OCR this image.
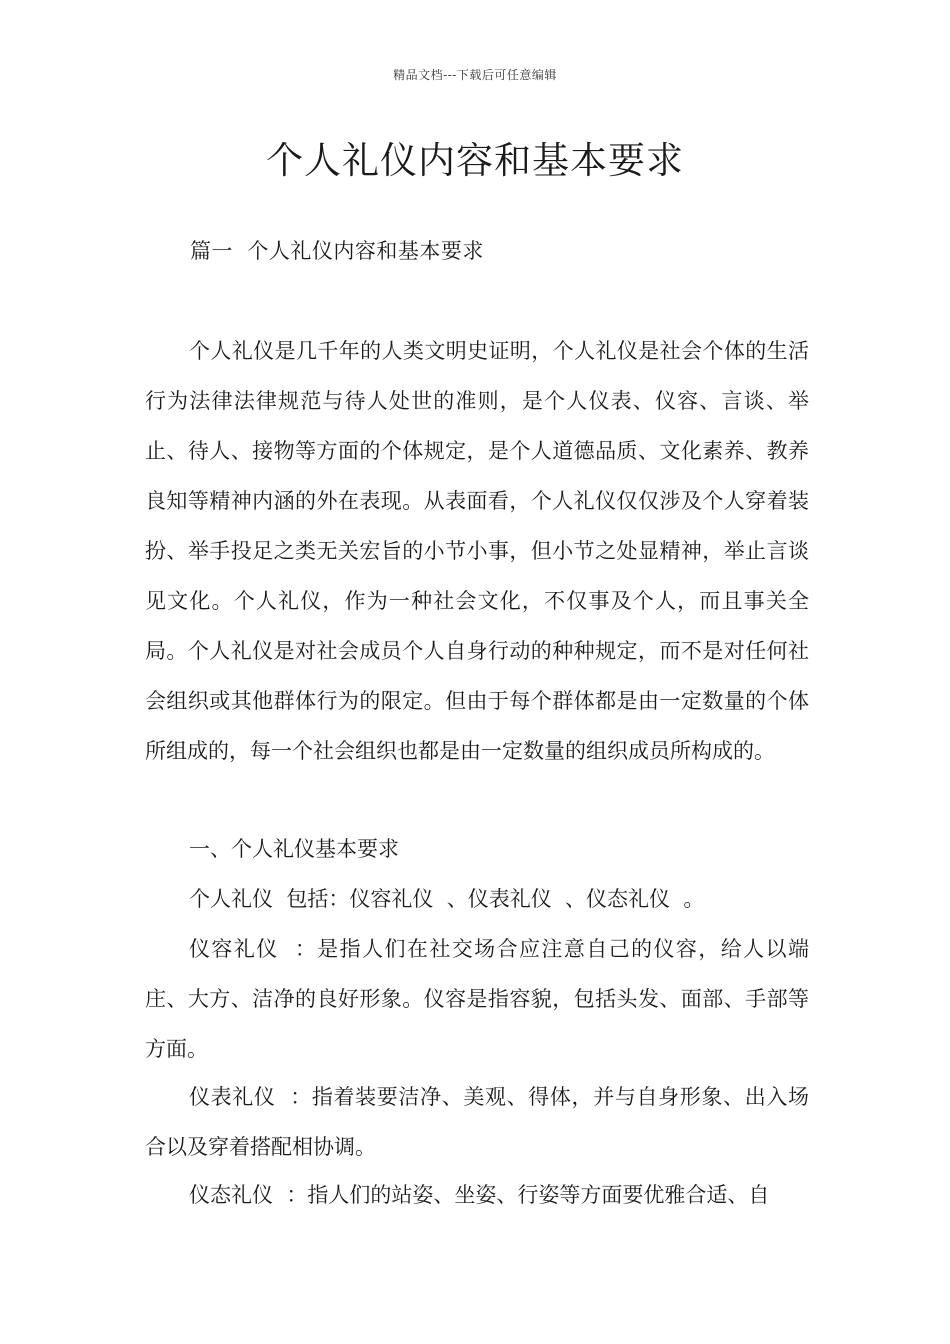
精品文档---下载后可任意编辑
个人礼仪内容和基本要求
篇一  个人礼仪内容和基本要求

个人礼仪是几千年的人类文明史证明，个人礼仪是社会个体的生活行为法律法律规范与待人处世的准则，是个人仪表、仪容、言谈、举止、待人、接物等方面的个体规定，是个人道德品质、文化素养、教养良知等精神内涵的外在表现。从表面看，个人礼仪仅仅涉及个人穿着装扮、举手投足之类无关宏旨的小节小事，但小节之处显精神，举止言谈见文化。个人礼仪，作为一种社会文化，不仅事及个人，而且事关全局。个人礼仪是对社会成员个人自身行动的种种规定，而不是对任何社会组织或其他群体行为的限定。但由于每个群体都是由一定数量的个体所组成的，每一个社会组织也都是由一定数量的组织成员所构成的。

一、个人礼仪基本要求

个人礼仪  包括：仪容礼仪  、仪表礼仪  、仪态礼仪  。

仪容礼仪  ：是指人们在社交场合应注意自己的仪容，给人以端庄、大方、洁净的良好形象。仪容是指容貌，包括头发、面部、手部等方面。

仪表礼仪  ：指着装要洁净、美观、得体，并与自身形象、出入场合以及穿着搭配相协调。

仪态礼仪  ：指人们的站姿、坐姿、行姿等方面要优雅合适、自
